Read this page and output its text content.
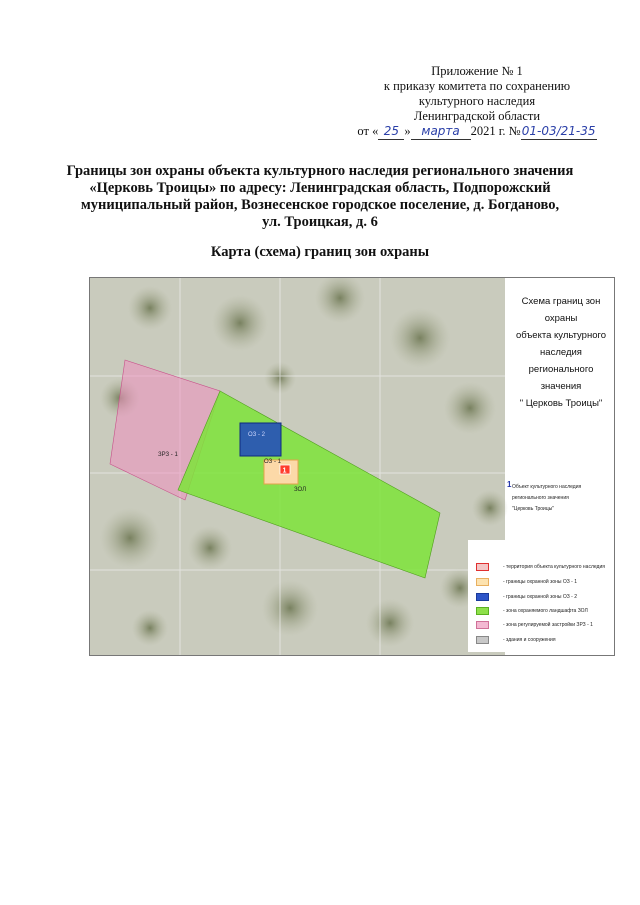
Приложение № 1
к приказу комитета по сохранению
культурного наследия
Ленинградской области
от « 25 » марта 2021 г. №01-03/21-35
Границы зон охраны объекта культурного наследия регионального значения
«Церковь Троицы» по адресу: Ленинградская область, Подпорожский
муниципальный район, Вознесенское городское поселение, д. Богданово,
ул. Троицкая, д. 6
Карта (схема) границ зон охраны
1
ЗРЗ - 1
ОЗ - 2
ОЗ - 1
ЗОЛ
Схема границ зон
охраны
объекта культурного
наследия
регионального
значения
" Церковь Троицы"
1 Объект культурного наследия
регионального значения
"Церковь Троицы"
- территория объекта культурного наследия
- границы охранной зоны ОЗ - 1
- границы охранной зоны ОЗ - 2
- зона охраняемого ландшафта ЗОЛ
- зона регулируемой застройки ЗРЗ - 1
- здания и сооружения
